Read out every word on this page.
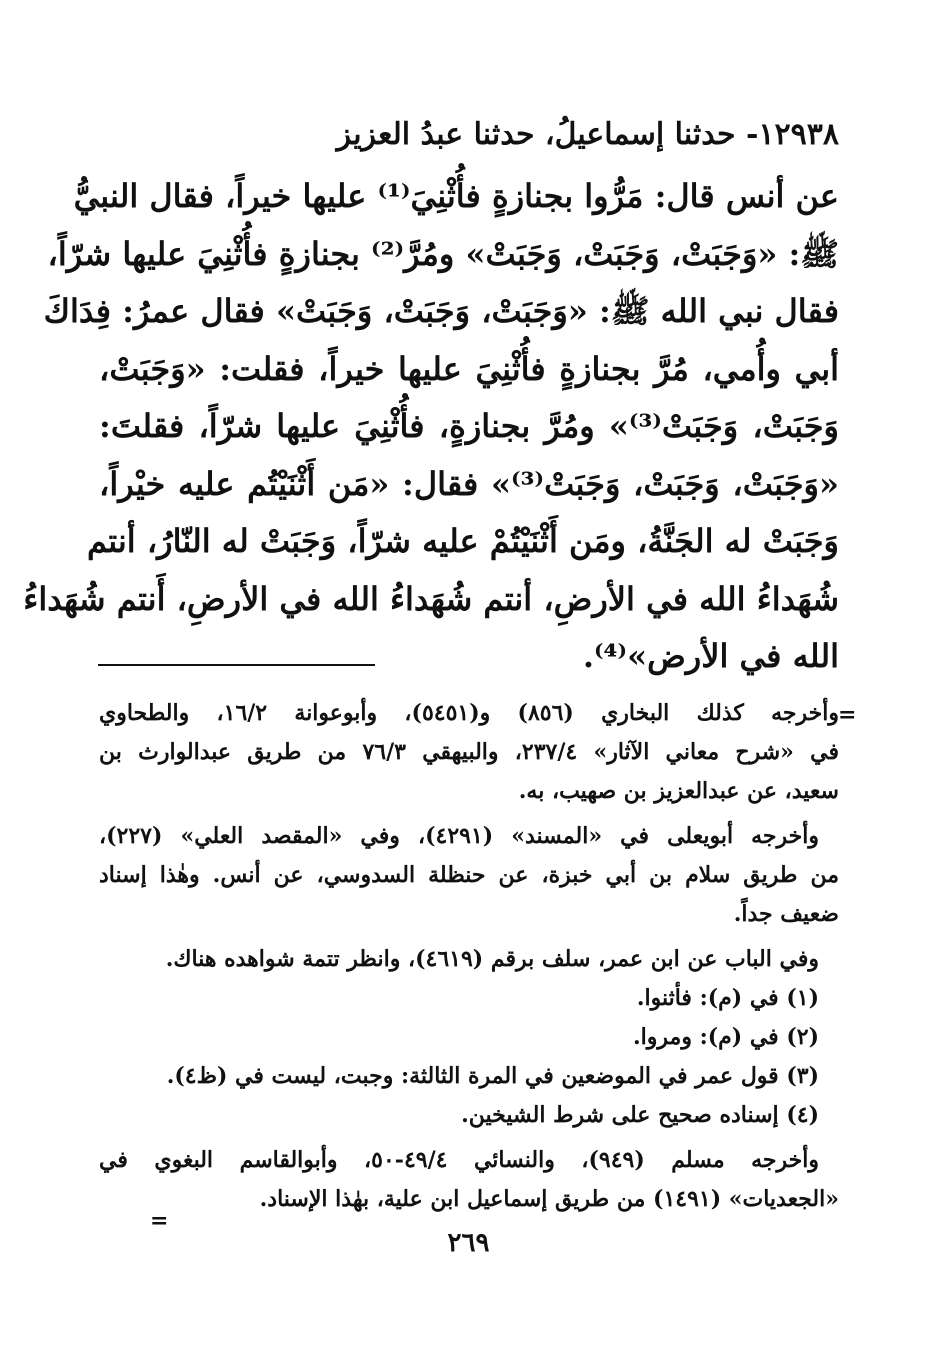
١٢٩٣٨- حدثنا إسماعيلُ، حدثنا عبدُ العزيز
عن أنس قال: مَرُّوا بجنازةٍ فأُثْنِيَ⁽¹⁾ عليها خيراً، فقال النبيُّ
ﷺ: «وَجَبَتْ، وَجَبَتْ، وَجَبَتْ» ومُرَّ⁽²⁾ بجنازةٍ فأُثْنِيَ عليها شرّاً،
فقال نبي الله ﷺ: «وَجَبَتْ، وَجَبَتْ، وَجَبَتْ» فقال عمرُ: فِدَاكَ
أبي وأُمي، مُرَّ بجنازةٍ فأُثْنِيَ عليها خيراً، فقلت: «وَجَبَتْ،
وَجَبَتْ، وَجَبَتْ⁽³⁾» ومُرَّ بجنازةٍ، فأُثْنِيَ عليها شرّاً، فقلتَ:
«وَجَبَتْ، وَجَبَتْ، وَجَبَتْ⁽³⁾» فقال: «مَن أَثْنَيْتُم عليه خيْراً،
وَجَبَتْ له الجَنَّةُ، ومَن أَثْنَيْتُمْ عليه شرّاً، وَجَبَتْ له النّارُ، أنتم
شُهَداءُ الله في الأرضِ، أنتم شُهَداءُ الله في الأرضِ، أَنتم شُهَداءُ
الله في الأرض»⁽⁴⁾.
=
وأخرجه كذلك البخاري (٨٥٦) و(٥٤٥١)، وأبوعوانة ١٦/٢، والطحاوي
في «شرح معاني الآثار» ٢٣٧/٤، والبيهقي ٧٦/٣ من طريق عبدالوارث بن
سعيد، عن عبدالعزيز بن صهيب، به.
وأخرجه أبويعلى في «المسند» (٤٢٩١)، وفي «المقصد العلي» (٢٢٧)،
من طريق سلام بن أبي خبزة، عن حنظلة السدوسي، عن أنس. وهٰذا إسناد
ضعيف جداً.
وفي الباب عن ابن عمر، سلف برقم (٤٦١٩)، وانظر تتمة شواهده هناك.
(١) في (م): فأثنوا.
(٢) في (م): ومروا.
(٣) قول عمر في الموضعين في المرة الثالثة: وجبت، ليست في (ظ٤).
(٤) إسناده صحيح على شرط الشيخين.
وأخرجه مسلم (٩٤٩)، والنسائي ٤٩/٤-٥٠، وأبوالقاسم البغوي في
«الجعديات» (١٤٩١) من طريق إسماعيل ابن علية، بهٰذا الإسناد.
=
٢٦٩
